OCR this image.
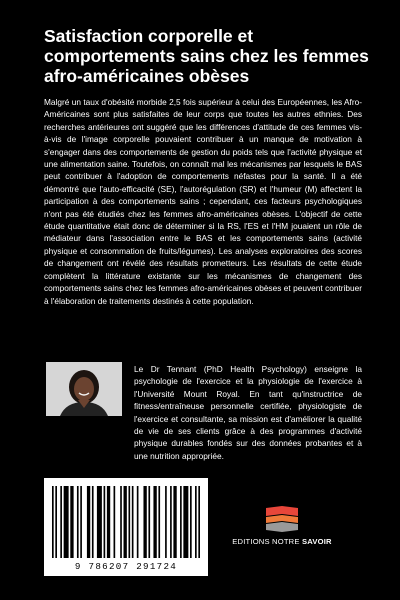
Satisfaction corporelle et comportements sains chez les femmes afro-américaines obèses

Malgré un taux d'obésité morbide 2,5 fois supérieur à celui des Européennes, les Afro-Américaines sont plus satisfaites de leur corps que toutes les autres ethnies. Des recherches antérieures ont suggéré que les différences d'attitude de ces femmes vis-à-vis de l'image corporelle pouvaient contribuer à un manque de motivation à s'engager dans des comportements de gestion du poids tels que l'activité physique et une alimentation saine. Toutefois, on connaît mal les mécanismes par lesquels le BAS peut contribuer à l'adoption de comportements néfastes pour la santé. Il a été démontré que l'auto-efficacité (SE), l'autorégulation (SR) et l'humeur (M) affectent la participation à des comportements sains ; cependant, ces facteurs psychologiques n'ont pas été étudiés chez les femmes afro-américaines obèses. L'objectif de cette étude quantitative était donc de déterminer si la RS, l'ES et l'HM jouaient un rôle de médiateur dans l'association entre le BAS et les comportements sains (activité physique et consommation de fruits/légumes). Les analyses exploratoires des scores de changement ont révélé des résultats prometteurs. Les résultats de cette étude complètent la littérature existante sur les mécanismes de changement des comportements sains chez les femmes afro-américaines obèses et peuvent contribuer à l'élaboration de traitements destinés à cette population.

Le Dr Tennant (PhD Health Psychology) enseigne la psychologie de l'exercice et la physiologie de l'exercice à l'Université Mount Royal. En tant qu'instructrice de fitness/entraîneuse personnelle certifiée, physiologiste de l'exercice et consultante, sa mission est d'améliorer la qualité de vie de ses clients grâce à des programmes d'activité physique durables fondés sur des données probantes et à une nutrition appropriée.

9 786207 291724
EDITIONS NOTRE SAVOIR
